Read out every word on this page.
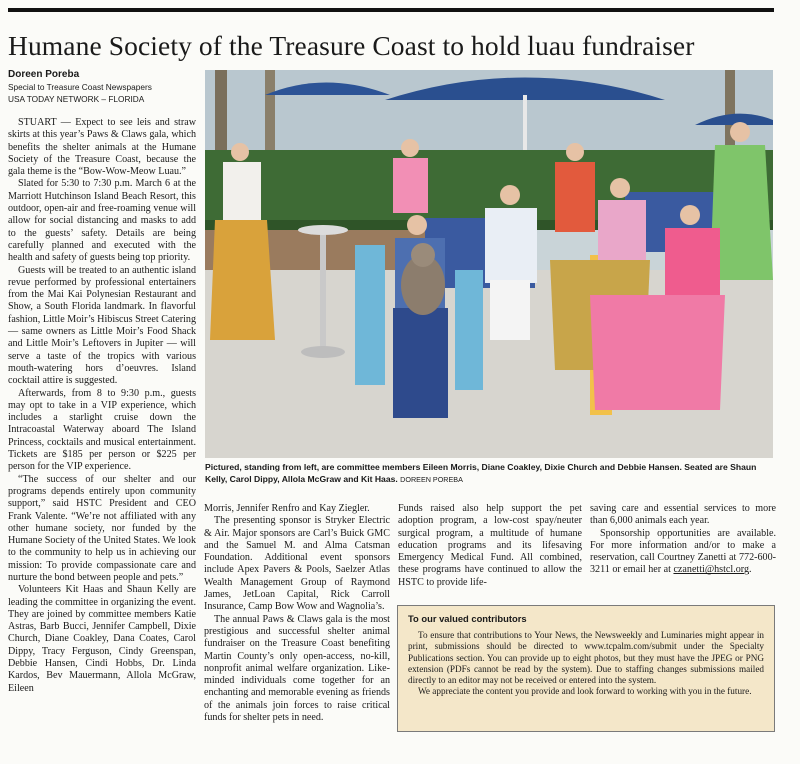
Humane Society of the Treasure Coast to hold luau fundraiser
Doreen Poreba
Special to Treasure Coast Newspapers
USA TODAY NETWORK – FLORIDA

STUART — Expect to see leis and straw skirts at this year’s Paws & Claws gala, which benefits the shelter animals at the Humane Society of the Treasure Coast, because the gala theme is the “Bow-Wow-Meow Luau.”

Slated for 5:30 to 7:30 p.m. March 6 at the Marriott Hutchinson Island Beach Resort, this outdoor, open-air and free-roaming venue will allow for social distancing and masks to add to the guests’ safety. Details are being carefully planned and executed with the health and safety of guests being top priority.

Guests will be treated to an authentic island revue performed by professional entertainers from the Mai Kai Polynesian Restaurant and Show, a South Florida landmark. In flavorful fashion, Little Moir’s Hibiscus Street Catering — same owners as Little Moir’s Food Shack and Little Moir’s Leftovers in Jupiter — will serve a taste of the tropics with various mouth-watering hors d’oeuvres. Island cocktail attire is suggested.

Afterwards, from 8 to 9:30 p.m., guests may opt to take in a VIP experience, which includes a starlight cruise down the Intracoastal Waterway aboard The Island Princess, cocktails and musical entertainment. Tickets are $185 per person or $225 per person for the VIP experience.

“The success of our shelter and our programs depends entirely upon community support,” said HSTC President and CEO Frank Valente. “We’re not affiliated with any other humane society, nor funded by the Humane Society of the United States. We look to the community to help us in achieving our mission: To provide compassionate care and nurture the bond between people and pets.”

Volunteers Kit Haas and Shaun Kelly are leading the committee in organizing the event. They are joined by committee members Katie Astras, Barb Bucci, Jennifer Campbell, Dixie Church, Diane Coakley, Dana Coates, Carol Dippy, Tracy Ferguson, Cindy Greenspan, Debbie Hansen, Cindi Hobbs, Dr. Linda Kardos, Bev Mauermann, Allola McGraw, Eileen

Pictured, standing from left, are committee members Eileen Morris, Diane Coakley, Dixie Church and Debbie Hansen. Seated are Shaun Kelly, Carol Dippy, Allola McGraw and Kit Haas. DOREEN POREBA

Morris, Jennifer Renfro and Kay Ziegler.

The presenting sponsor is Stryker Electric & Air. Major sponsors are Carl’s Buick GMC and the Samuel M. and Alma Catsman Foundation. Additional event sponsors include Apex Pavers & Pools, Saelzer Atlas Wealth Management Group of Raymond James, JetLoan Capital, Rick Carroll Insurance, Camp Bow Wow and Wagnolia’s.

The annual Paws & Claws gala is the most prestigious and successful shelter animal fundraiser on the Treasure Coast benefiting Martin County’s only open-access, no-kill, nonprofit animal welfare organization. Like-minded individuals come together for an enchanting and memorable evening as friends of the animals join forces to raise critical funds for shelter pets in need.

Funds raised also help support the pet adoption program, a low-cost spay/neuter surgical program, a multitude of humane education programs and its lifesaving Emergency Medical Fund. All combined, these programs have continued to allow the HSTC to provide life-

saving care and essential services to more than 6,000 animals each year.

Sponsorship opportunities are available. For more information and/or to make a reservation, call Courtney Zanetti at 772-600-3211 or email her at czanetti@hstcl.org.

To our valued contributors

To ensure that contributions to Your News, the Newsweekly and Luminaries might appear in print, submissions should be directed to www.tcpalm.com/submit under the Specialty Publications section. You can provide up to eight photos, but they must have the JPEG or PNG extension (PDFs cannot be read by the system). Due to staffing changes submissions mailed directly to an editor may not be received or entered into the system.

We appreciate the content you provide and look forward to working with you in the future.
